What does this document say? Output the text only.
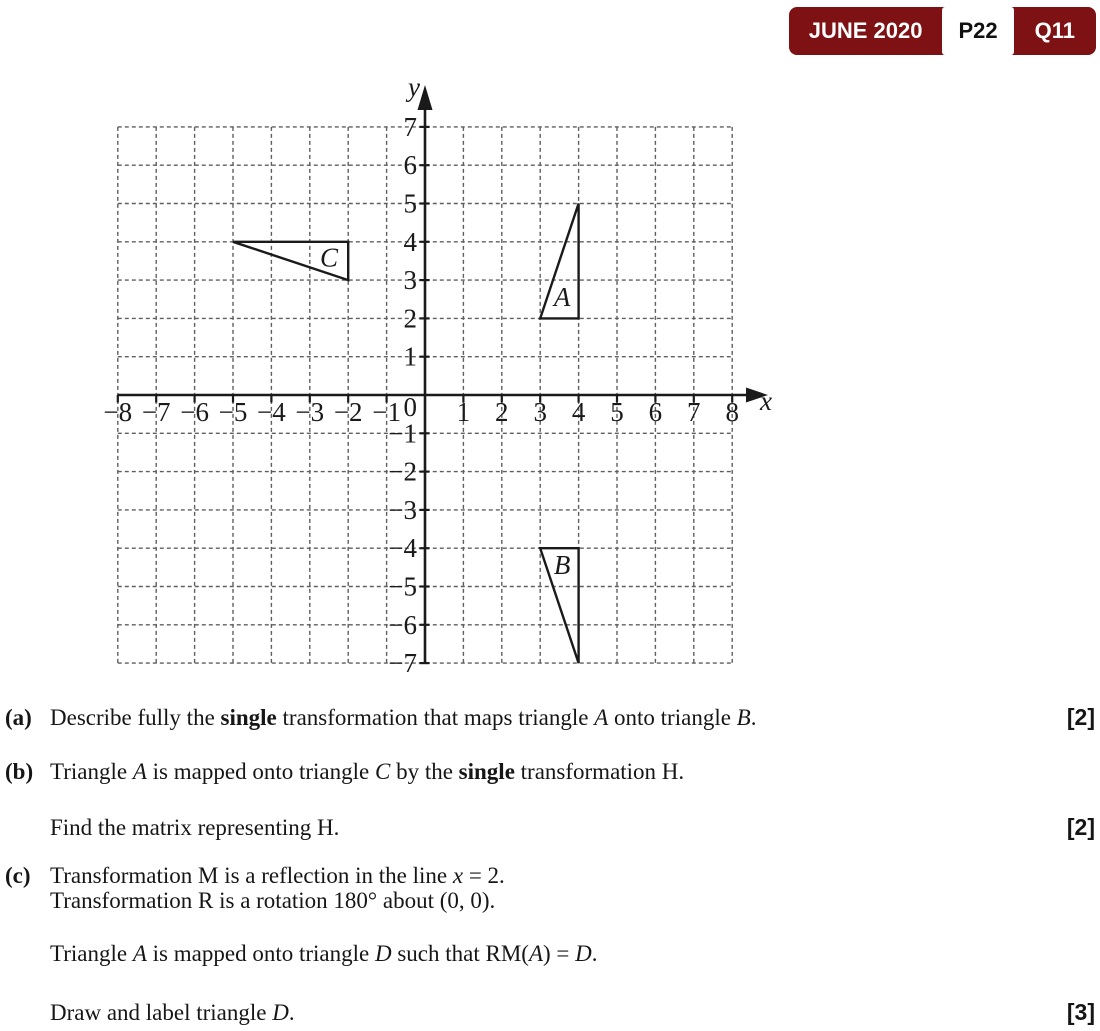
JUNE 2020	P22	Q11
−8 −7 −6 −5 −4 −3 −2 −1 1 2 3 4 5 6 7 8
−7
−6
−5
−4
−3
−2
−1
1
2
3
4
5
6
7
0	x
y
A
B
C
(a) Describe fully the single transformation that maps triangle A onto triangle B.	[2]
(b) Triangle A is mapped onto triangle C by the single transformation H.
Find the matrix representing H.	[2]
(c) Transformation M is a reflection in the line x = 2.
Transformation R is a rotation 180° about (0, 0).
Triangle A is mapped onto triangle D such that RM(A) = D.
Draw and label triangle D.	[3]
